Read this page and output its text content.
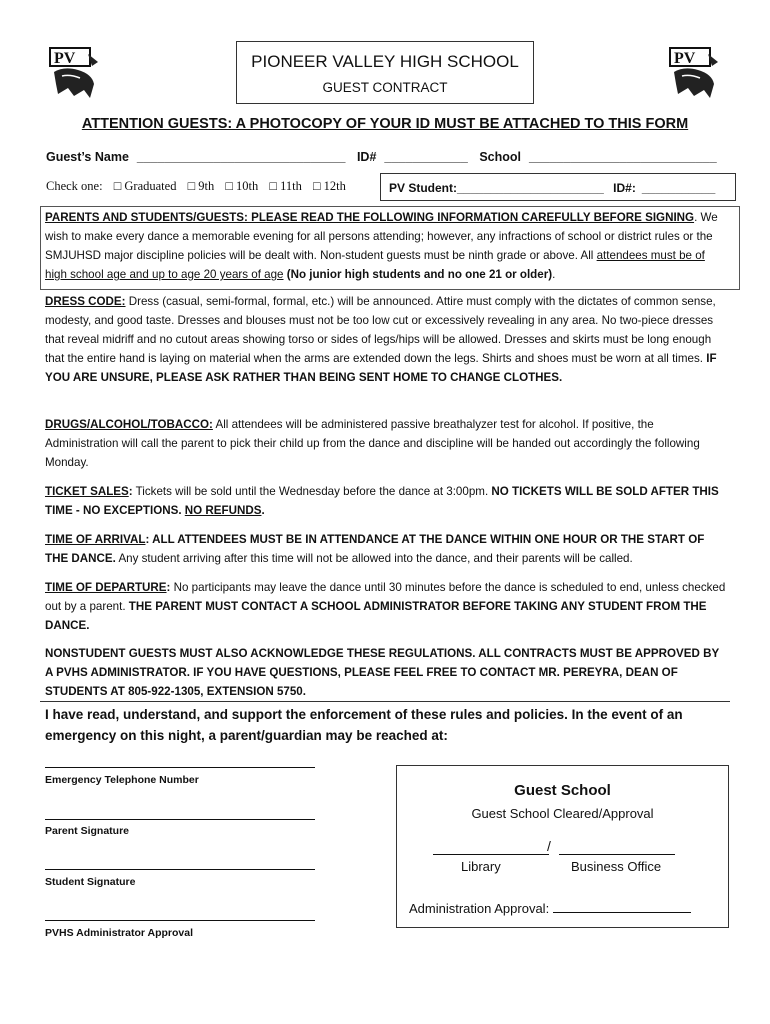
PV	PV
PIONEER VALLEY HIGH SCHOOL
GUEST CONTRACT
ATTENTION GUESTS: A PHOTOCOPY OF YOUR ID MUST BE ATTACHED TO THIS FORM
Guest’s Name ______________________________ ID# ____________ School ___________________________
Check one: □ Graduated □ 9th □ 10th □ 11th □ 12th	PV Student:______________________ ID#: ___________
PARENTS AND STUDENTS/GUESTS: PLEASE READ THE FOLLOWING INFORMATION CAREFULLY BEFORE SIGNING. We wish to make every dance a memorable evening for all persons attending; however, any infractions of school or district rules or the SMJUHSD major discipline policies will be dealt with. Non-student guests must be ninth grade or above. All attendees must be of high school age and up to age 20 years of age (No junior high students and no one 21 or older).
DRESS CODE: Dress (casual, semi-formal, formal, etc.) will be announced. Attire must comply with the dictates of common sense, modesty, and good taste. Dresses and blouses must not be too low cut or excessively revealing in any area. No two-piece dresses that reveal midriff and no cutout areas showing torso or sides of legs/hips will be allowed. Dresses and skirts must be long enough that the entire hand is laying on material when the arms are extended down the legs. Shirts and shoes must be worn at all times. IF YOU ARE UNSURE, PLEASE ASK RATHER THAN BEING SENT HOME TO CHANGE CLOTHES.
DRUGS/ALCOHOL/TOBACCO: All attendees will be administered passive breathalyzer test for alcohol. If positive, the Administration will call the parent to pick their child up from the dance and discipline will be handed out accordingly the following Monday.
TICKET SALES: Tickets will be sold until the Wednesday before the dance at 3:00pm. NO TICKETS WILL BE SOLD AFTER THIS TIME - NO EXCEPTIONS. NO REFUNDS.
TIME OF ARRIVAL: ALL ATTENDEES MUST BE IN ATTENDANCE AT THE DANCE WITHIN ONE HOUR OR THE START OF THE DANCE. Any student arriving after this time will not be allowed into the dance, and their parents will be called.
TIME OF DEPARTURE: No participants may leave the dance until 30 minutes before the dance is scheduled to end, unless checked out by a parent. THE PARENT MUST CONTACT A SCHOOL ADMINISTRATOR BEFORE TAKING ANY STUDENT FROM THE DANCE.
NONSTUDENT GUESTS MUST ALSO ACKNOWLEDGE THESE REGULATIONS. ALL CONTRACTS MUST BE APPROVED BY A PVHS ADMINISTRATOR. IF YOU HAVE QUESTIONS, PLEASE FEEL FREE TO CONTACT MR. PEREYRA, DEAN OF STUDENTS AT 805-922-1305, EXTENSION 5750.
I have read, understand, and support the enforcement of these rules and policies. In the event of an emergency on this night, a parent/guardian may be reached at:
Emergency Telephone Number
Parent Signature
Student Signature
PVHS Administrator Approval
Guest School
Guest School Cleared/Approval
/
Library	Business Office
Administration Approval:
